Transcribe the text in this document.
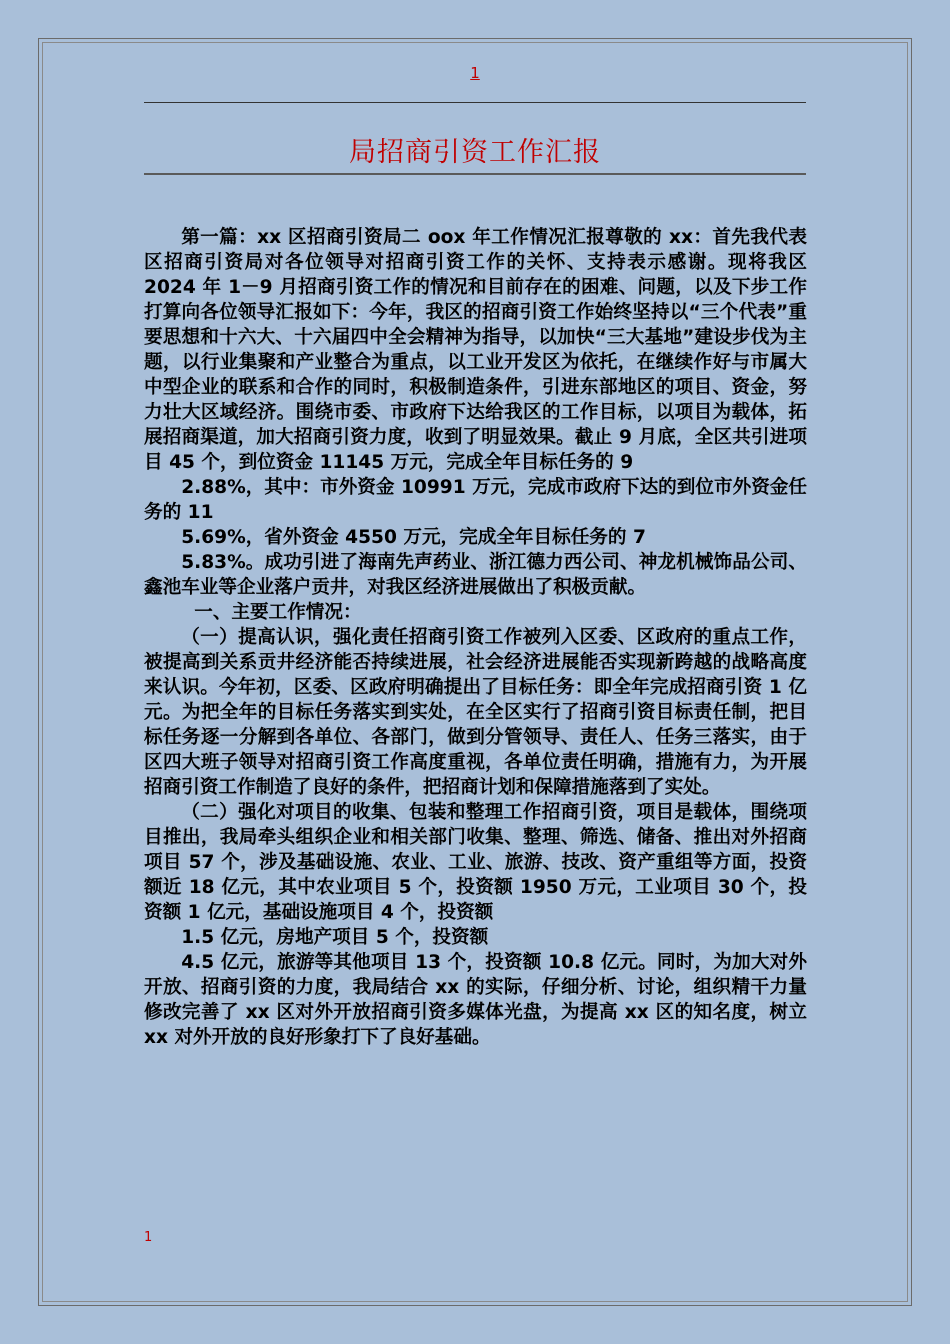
1
局招商引资工作汇报

第一篇：xx 区招商引资局二 oox 年工作情况汇报尊敬的 xx：首先我代表区招商引资局对各位领导对招商引资工作的关怀、支持表示感谢。现将我区 2024 年 1－9 月招商引资工作的情况和目前存在的困难、问题，以及下步工作打算向各位领导汇报如下：今年，我区的招商引资工作始终坚持以“三个代表”重要思想和十六大、十六届四中全会精神为指导，以加快“三大基地”建设步伐为主题，以行业集聚和产业整合为重点，以工业开发区为依托，在继续作好与市属大中型企业的联系和合作的同时，积极制造条件，引进东部地区的项目、资金，努力壮大区域经济。围绕市委、市政府下达给我区的工作目标，以项目为载体，拓展招商渠道，加大招商引资力度，收到了明显效果。截止 9 月底，全区共引进项目 45 个，到位资金 11145 万元，完成全年目标任务的 9

2.88%，其中：市外资金 10991 万元，完成市政府下达的到位市外资金任务的 11

5.69%，省外资金 4550 万元，完成全年目标任务的 7

5.83%。成功引进了海南先声药业、浙江德力西公司、神龙机械饰品公司、鑫池车业等企业落户贡井，对我区经济进展做出了积极贡献。

一、主要工作情况：

（一）提高认识，强化责任招商引资工作被列入区委、区政府的重点工作，被提高到关系贡井经济能否持续进展，社会经济进展能否实现新跨越的战略高度来认识。今年初，区委、区政府明确提出了目标任务：即全年完成招商引资 1 亿元。为把全年的目标任务落实到实处，在全区实行了招商引资目标责任制，把目标任务逐一分解到各单位、各部门，做到分管领导、责任人、任务三落实，由于区四大班子领导对招商引资工作高度重视，各单位责任明确，措施有力，为开展招商引资工作制造了良好的条件，把招商计划和保障措施落到了实处。

（二）强化对项目的收集、包装和整理工作招商引资，项目是载体，围绕项目推出，我局牵头组织企业和相关部门收集、整理、筛选、储备、推出对外招商项目 57 个，涉及基础设施、农业、工业、旅游、技改、资产重组等方面，投资额近 18 亿元，其中农业项目 5 个，投资额 1950 万元，工业项目 30 个，投资额 1 亿元，基础设施项目 4 个，投资额

1.5 亿元，房地产项目 5 个，投资额

4.5 亿元，旅游等其他项目 13 个，投资额 10.8 亿元。同时，为加大对外开放、招商引资的力度，我局结合 xx 的实际，仔细分析、讨论，组织精干力量修改完善了 xx 区对外开放招商引资多媒体光盘，为提高 xx 区的知名度，树立 xx 对外开放的良好形象打下了良好基础。

1
